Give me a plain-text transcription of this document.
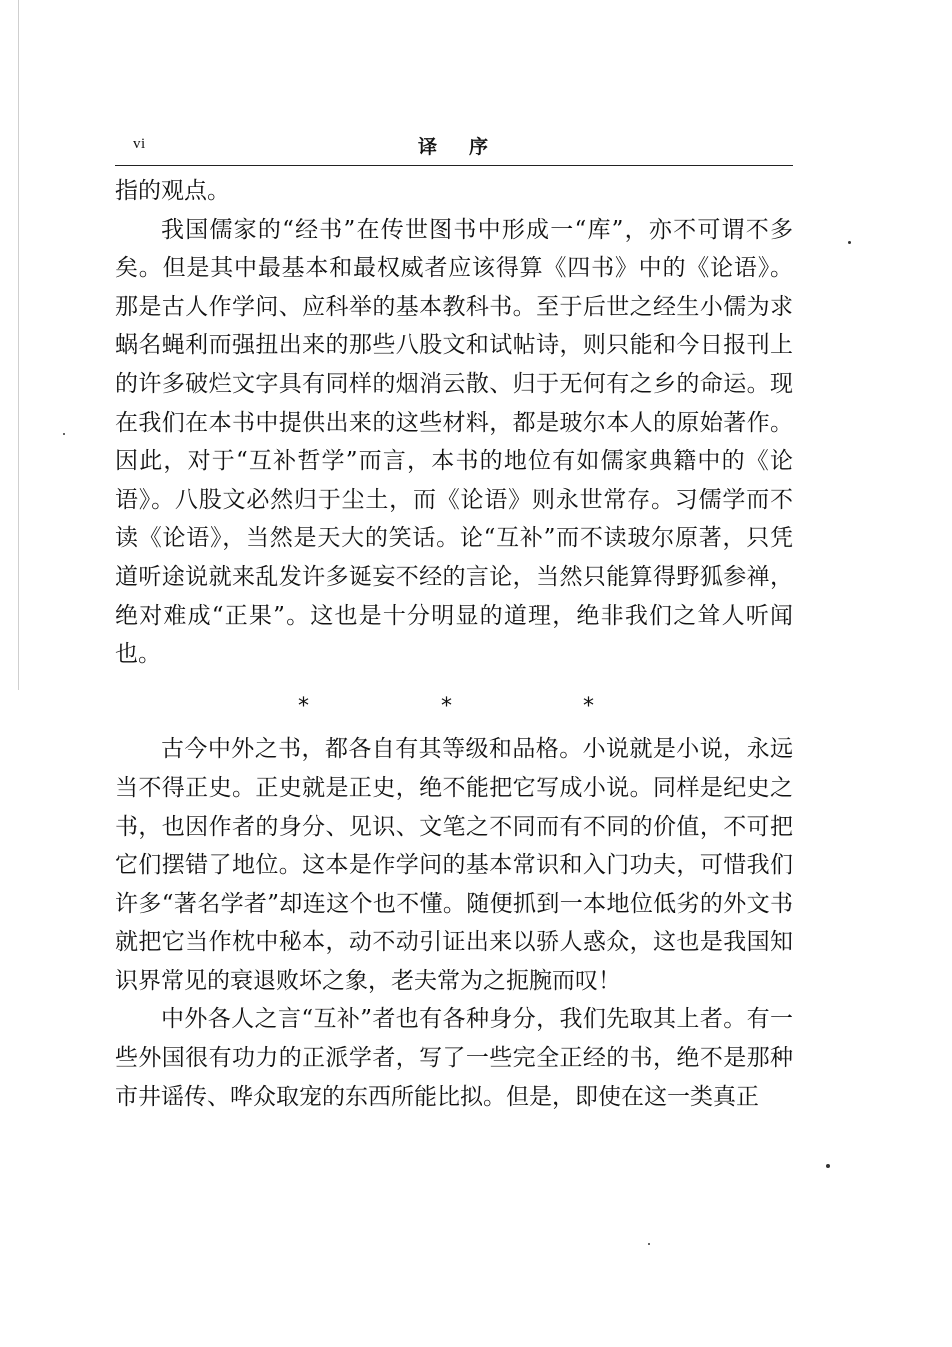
vi	译序

指的观点。

我国儒家的“经书”在传世图书中形成一“库”，亦不可谓不多矣。但是其中最基本和最权威者应该得算《四书》中的《论语》。那是古人作学问、应科举的基本教科书。至于后世之经生小儒为求蜗名蝇利而强扭出来的那些八股文和试帖诗，则只能和今日报刊上的许多破烂文字具有同样的烟消云散、归于无何有之乡的命运。现在我们在本书中提供出来的这些材料，都是玻尔本人的原始著作。因此，对于“互补哲学”而言，本书的地位有如儒家典籍中的《论语》。八股文必然归于尘土，而《论语》则永世常存。习儒学而不读《论语》，当然是天大的笑话。论“互补”而不读玻尔原著，只凭道听途说就来乱发许多诞妄不经的言论，当然只能算得野狐参禅，绝对难成“正果”。这也是十分明显的道理，绝非我们之耸人听闻也。

*	*	*

古今中外之书，都各自有其等级和品格。小说就是小说，永远当不得正史。正史就是正史，绝不能把它写成小说。同样是纪史之书，也因作者的身分、见识、文笔之不同而有不同的价值，不可把它们摆错了地位。这本是作学问的基本常识和入门功夫，可惜我们许多“著名学者”却连这个也不懂。随便抓到一本地位低劣的外文书就把它当作枕中秘本，动不动引证出来以骄人惑众，这也是我国知识界常见的衰退败坏之象，老夫常为之扼腕而叹！

中外各人之言“互补”者也有各种身分，我们先取其上者。有一些外国很有功力的正派学者，写了一些完全正经的书，绝不是那种市井谣传、哗众取宠的东西所能比拟。但是，即使在这一类真正
